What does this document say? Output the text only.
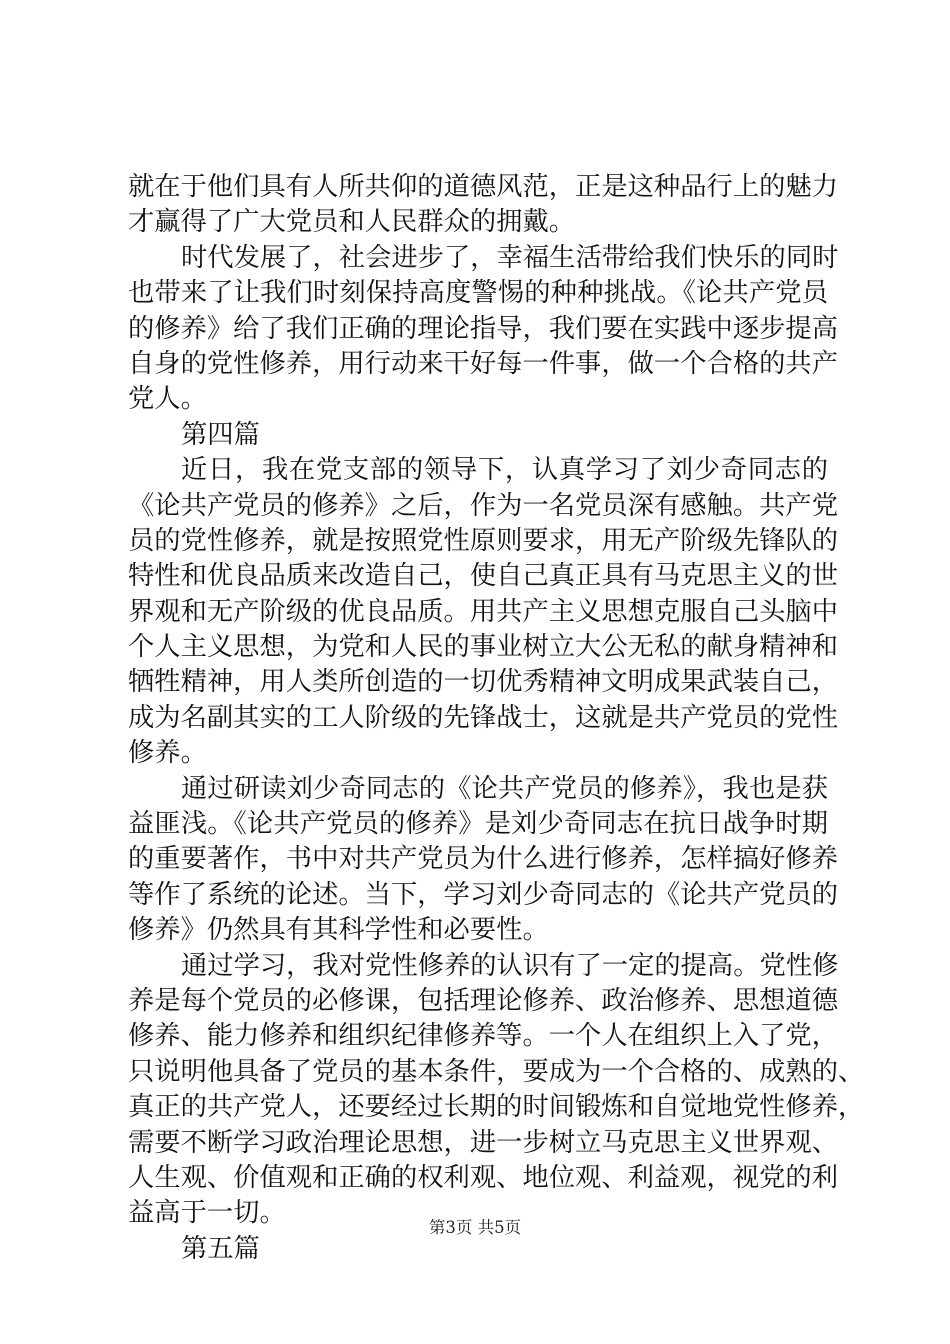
就在于他们具有人所共仰的道德风范，正是这种品行上的魅力
才赢得了广大党员和人民群众的拥戴。
时代发展了，社会进步了，幸福生活带给我们快乐的同时
也带来了让我们时刻保持高度警惕的种种挑战。《论共产党员
的修养》给了我们正确的理论指导，我们要在实践中逐步提高
自身的党性修养，用行动来干好每一件事，做一个合格的共产
党人。
第四篇
近日，我在党支部的领导下，认真学习了刘少奇同志的
《论共产党员的修养》之后，作为一名党员深有感触。共产党
员的党性修养，就是按照党性原则要求，用无产阶级先锋队的
特性和优良品质来改造自己，使自己真正具有马克思主义的世
界观和无产阶级的优良品质。用共产主义思想克服自己头脑中
个人主义思想，为党和人民的事业树立大公无私的献身精神和
牺牲精神，用人类所创造的一切优秀精神文明成果武装自己，
成为名副其实的工人阶级的先锋战士，这就是共产党员的党性
修养。
通过研读刘少奇同志的《论共产党员的修养》，我也是获
益匪浅。《论共产党员的修养》是刘少奇同志在抗日战争时期
的重要著作，书中对共产党员为什么进行修养，怎样搞好修养
等作了系统的论述。当下，学习刘少奇同志的《论共产党员的
修养》仍然具有其科学性和必要性。
通过学习，我对党性修养的认识有了一定的提高。党性修
养是每个党员的必修课，包括理论修养、政治修养、思想道德
修养、能力修养和组织纪律修养等。一个人在组织上入了党，
只说明他具备了党员的基本条件，要成为一个合格的、成熟的、
真正的共产党人，还要经过长期的时间锻炼和自觉地党性修养，
需要不断学习政治理论思想，进一步树立马克思主义世界观、
人生观、价值观和正确的权利观、地位观、利益观，视党的利
益高于一切。
第五篇
第3页 共5页
